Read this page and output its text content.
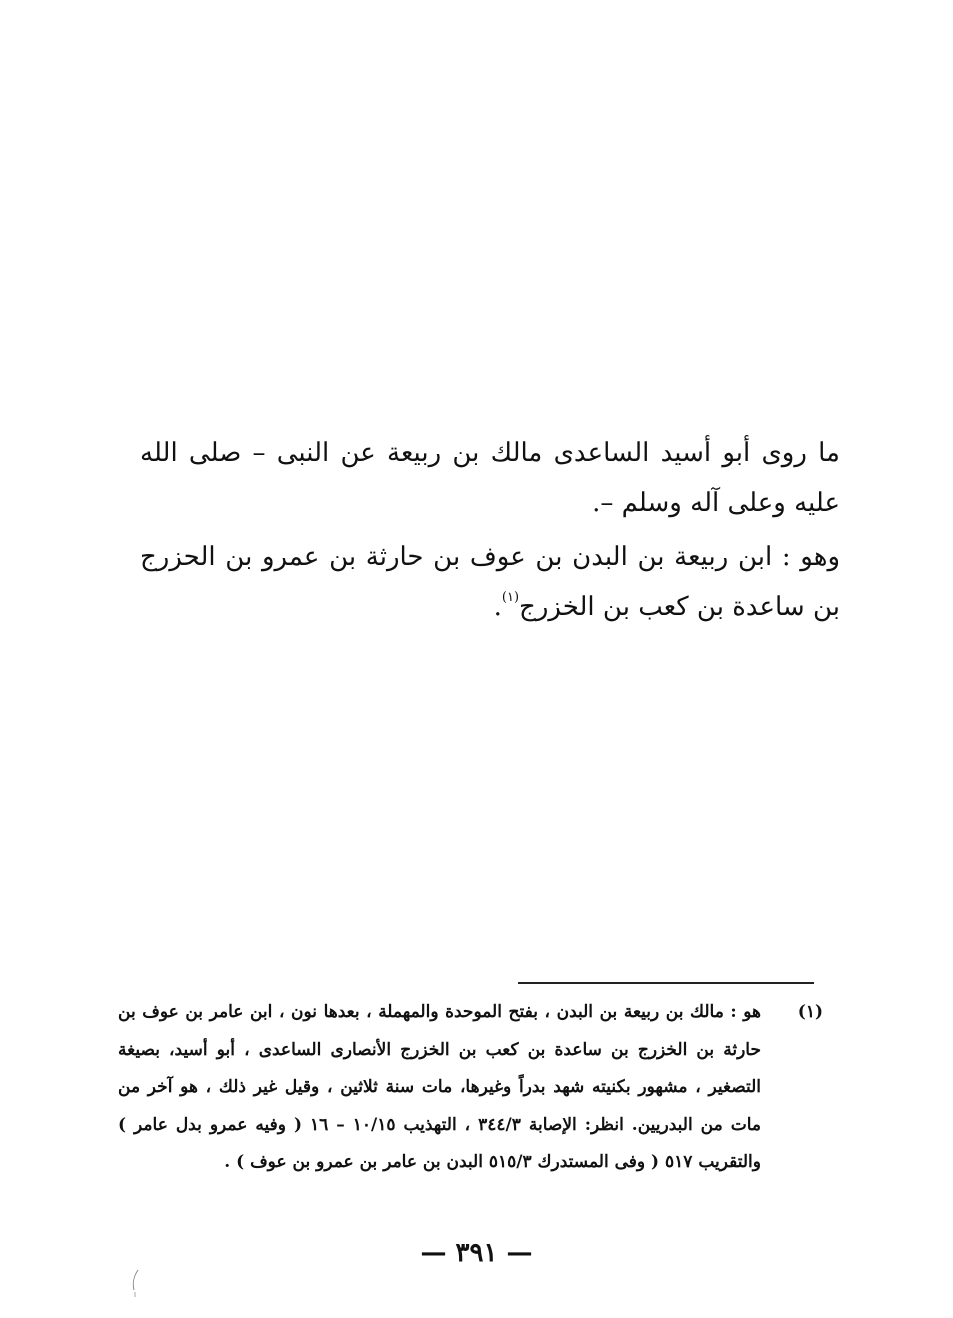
ما روى أبو أسيد الساعدى مالك بن ربيعة عن النبى – صلى الله عليه وعلى آله وسلم –.

وهو : ابن ربيعة بن البدن بن عوف بن حارثة بن عمرو بن الحزرج بن ساعدة بن كعب بن الخزرج$^{(١)}$.

(١)
هو : مالك بن ربيعة بن البدن ، بفتح الموحدة والمهملة ، بعدها نون ، ابن عامر بن عوف بن حارثة بن الخزرج بن ساعدة بن كعب بن الخزرج الأنصارى الساعدى ، أبو أسيد، بصيغة التصغير ، مشهور بكنيته شهد بدراً وغيرها، مات سنة ثلاثين ، وقيل غير ذلك ، هو آخر من مات من البدريين. انظر: الإصابة ٣٤٤/٣ ، التهذيب ١٠/١٥ – ١٦ ( وفيه عمرو بدل عامر ) والتقريب ٥١٧ ( وفى المستدرك ٥١٥/٣ البدن بن عامر بن عمرو بن عوف ) .
— ٣٩١ —
